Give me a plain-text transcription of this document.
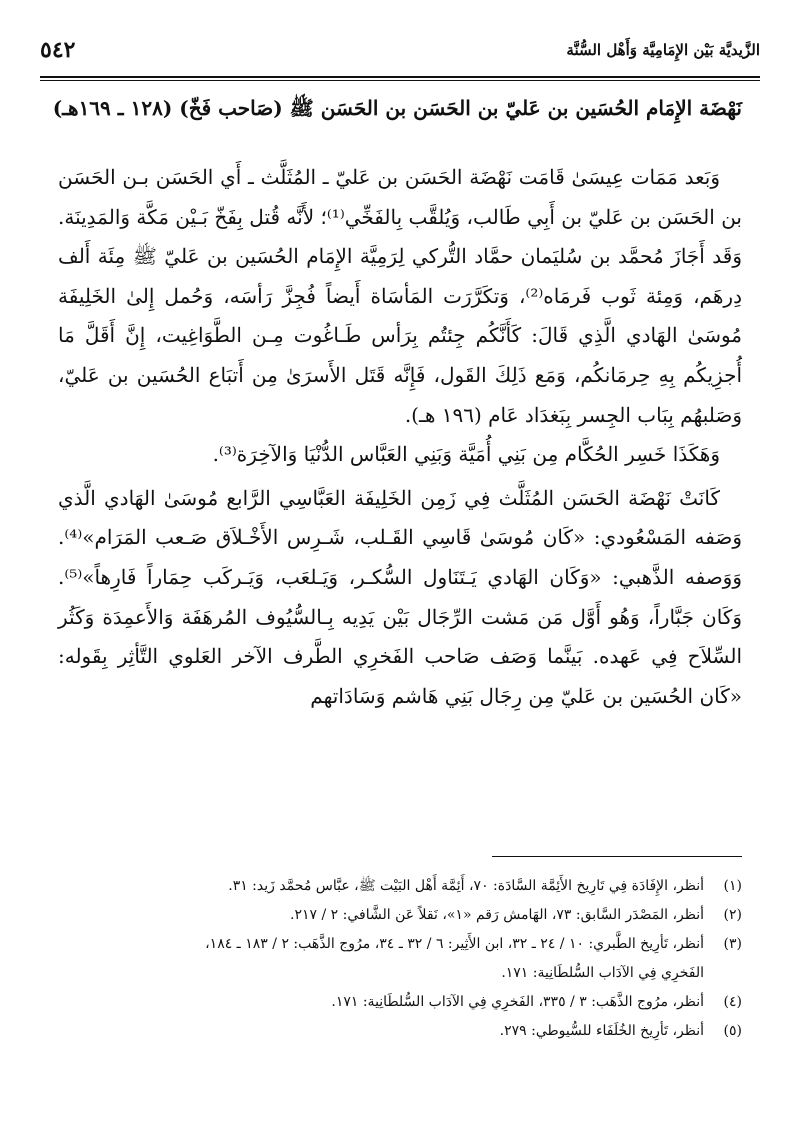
الزَّيديَّة بَيْن الإِمَامِيَّة وَأَهْل السُّنَّة
٥٤٢
نَهْضَة الإِمَام الحُسَين بن عَليّ بن الحَسَن بن الحَسَن ﷺ (صَاحب فَخّ) (١٢٨ ـ ١٦٩هـ)

وَبَعد مَمَات عِيسَىٰ قَامَت نَهْضَة الحَسَن بن عَليّ ـ المُثَلَّث ـ أَي الحَسَن بـن الحَسَن بن الحَسَن بن عَليّ بن أَبِي طَالب، وَيُلقَّب بِالفَخِّي⁽¹⁾؛ لأَنَّه قُتل بِفَخّ بَـيْن مَكَّة وَالمَدِينَة. وَقَد أَجَازَ مُحمَّد بن سُليَمان حمَّاد التُّركي لِرَمِيَّة الإِمَام الحُسَين بن عَليّ ﷺ مِئَة أَلف دِرهَم، وَمِئة ثَوب فَرمَاه⁽²⁾، وَتكَرَّرَت المَأسَاة أَيضاً فُجِزَّ رَأسَه، وَحُمل إِلىٰ الخَلِيفَة مُوسَىٰ الهَادي الَّذِي قَالَ: كَأَنَّكُم جِئتُم بِرَأس طَـاغُوت مِـن الطَّوَاغِيت، إِنَّ أَقَلَّ مَا أُجزِيكُم بِهِ حِرمَانكُم، وَمَع ذَلِكَ القَول، فَإِنَّه قَتَل الأَسرَىٰ مِن أَتبَاع الحُسَين بن عَليّ، وَصَلبهُم بِبَاب الجِسر بِبَغدَاد عَام (١٩٦ هـ).

وَهَكَذَا خَسِر الحُكَّام مِن بَنِي أُمَيَّة وَبَنِي العَبَّاس الدُّنْيَا وَالآخِرَة⁽³⁾.

كَانَتْ نَهْضَة الحَسَن المُثَلَّث فِي زَمِن الخَلِيفَة العَبَّاسِي الرَّابع مُوسَىٰ الهَادي الَّذي وَصَفه المَسْعُودي: «كَان مُوسَىٰ قَاسِي القَـلب، شَـرِس الأَخْـلاَق صَـعب المَرَام»⁽⁴⁾. وَوَصفه الذَّهبي: «وَكَان الهَادي يَـتَنَاول السُّكـر، وَيَـلعَب، وَيَـركَب حِمَاراً فَارِهاً»⁽⁵⁾. وَكَان جَبَّاراً، وَهُو أَوَّل مَن مَشت الرِّجَال بَيْن يَدِيه بِـالسُّيُوف المُرهَفَة وَالأَعمِدَة وَكَثُر السِّلاَح فِي عَهده. بَينَّما وَصَف صَاحب الفَخرِي الطَّرف الآخر العَلوي التَّأثِر بِقَوله: «كَان الحُسَين بن عَليّ مِن رِجَال بَنِي هَاشم وَسَادَاتهم

(١)
أنظر، الإِفَادَة فِي تَارِيخ الأَئِمَّة السَّادَة: ٧٠، أَئِمَّة أَهْل البَيْت ﷺ، عبَّاس مُحمَّد زَيد: ٣١.
(٢)
أنظر، المَصْدَر السَّابق: ٧٣، الهَامش رَقم «١»، نَقلاً عَن الشَّافي: ٢ / ٢١٧.
(٣)
أنظر، تَأرِيخ الطَّبري: ١٠ / ٢٤ ـ ٣٢، ابن الأَثِير: ٦ / ٣٢ ـ ٣٤، مرُوج الذَّهَب: ٢ / ١٨٣ ـ ١٨٤،
الفَخرِي فِي الآدَاب السُّلطَانِية: ١٧١.
(٤)
أنظر، مرُوج الذَّهَب: ٣ / ٣٣٥، الفَخرِي فِي الآدَاب السُّلطَانِية: ١٧١.
(٥)
أنظر، تَأرِيخ الخُلَفَاء للسُّيوطي: ٢٧٩.
